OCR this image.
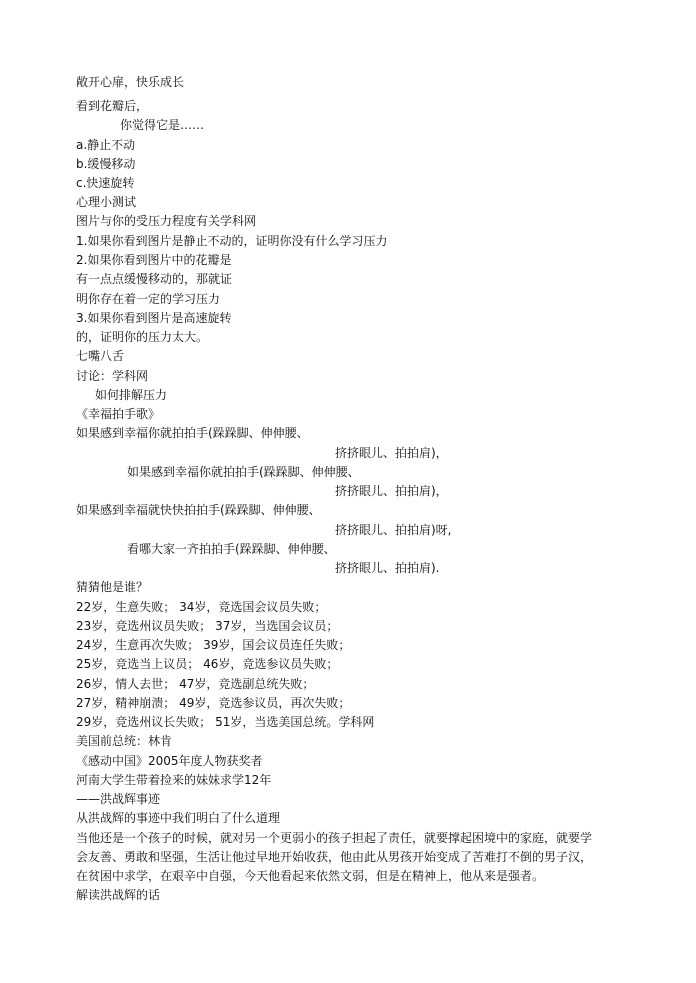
敞开心扉，快乐成长
看到花瓣后，
你觉得它是……
a.静止不动
b.缓慢移动
c.快速旋转
心理小测试
图片与你的受压力程度有关学科网
1.如果你看到图片是静止不动的，证明你没有什么学习压力
2.如果你看到图片中的花瓣是
有一点点缓慢移动的，那就证
明你存在着一定的学习压力
3.如果你看到图片是高速旋转
的，证明你的压力太大。
七嘴八舌
讨论：学科网
如何排解压力
《幸福拍手歌》
如果感到幸福你就拍拍手(跺跺脚、伸伸腰、
挤挤眼儿、拍拍肩)，
如果感到幸福你就拍拍手(跺跺脚、伸伸腰、
挤挤眼儿、拍拍肩)，
如果感到幸福就快快拍拍手(跺跺脚、伸伸腰、
挤挤眼儿、拍拍肩)呀,
看哪大家一齐拍拍手(跺跺脚、伸伸腰、
挤挤眼儿、拍拍肩).
猜猜他是谁？
22岁，生意失败； 34岁，竞选国会议员失败；
23岁，竞选州议员失败； 37岁，当选国会议员；
24岁，生意再次失败； 39岁，国会议员连任失败；
25岁，竞选当上议员； 46岁，竞选参议员失败；
26岁，情人去世； 47岁，竞选副总统失败；
27岁，精神崩溃； 49岁，竞选参议员，再次失败；
29岁，竞选州议长失败； 51岁，当选美国总统。学科网
美国前总统：林肯
《感动中国》2005年度人物获奖者
河南大学生带着捡来的妹妹求学12年
——洪战辉事迹
从洪战辉的事迹中我们明白了什么道理
当他还是一个孩子的时候，就对另一个更弱小的孩子担起了责任，就要撑起困境中的家庭，就要学
会友善、勇敢和坚强，生活让他过早地开始收获，他由此从男孩开始变成了苦难打不倒的男子汉，
在贫困中求学，在艰辛中自强，今天他看起来依然文弱，但是在精神上，他从来是强者。
解读洪战辉的话
